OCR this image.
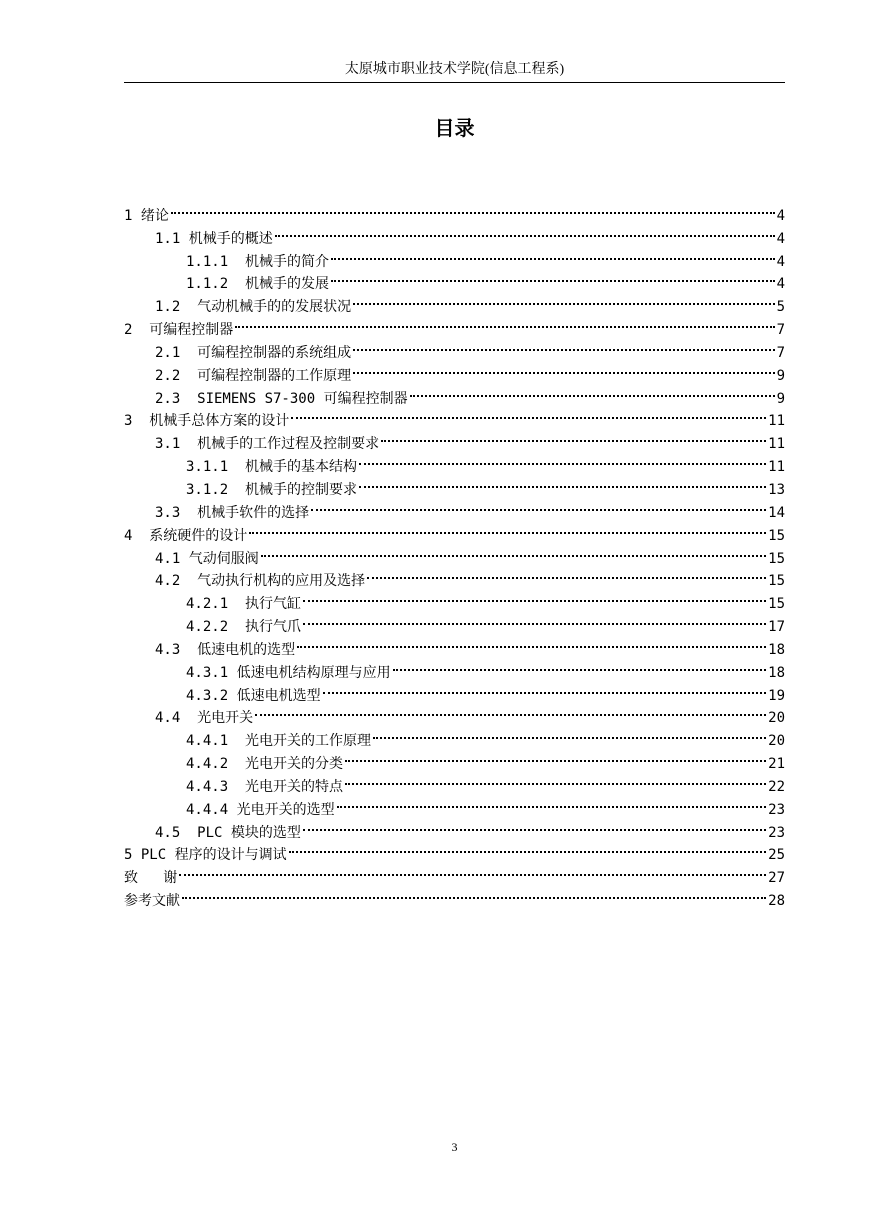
太原城市职业技术学院(信息工程系)
目录
1 绪论	4
1.1 机械手的概述	4
1.1.1  机械手的简介	4
1.1.2  机械手的发展	4
1.2  气动机械手的的发展状况	5
2  可编程控制器	7
2.1  可编程控制器的系统组成	7
2.2  可编程控制器的工作原理	9
2.3  SIEMENS S7-300 可编程控制器	9
3  机械手总体方案的设计	11
3.1  机械手的工作过程及控制要求	11
3.1.1  机械手的基本结构	11
3.1.2  机械手的控制要求	13
3.3  机械手软件的选择	14
4  系统硬件的设计	15
4.1 气动伺服阀	15
4.2  气动执行机构的应用及选择	15
4.2.1  执行气缸	15
4.2.2  执行气爪	17
4.3  低速电机的选型	18
4.3.1 低速电机结构原理与应用	18
4.3.2 低速电机选型	19
4.4  光电开关	20
4.4.1  光电开关的工作原理	20
4.4.2  光电开关的分类	21
4.4.3  光电开关的特点	22
4.4.4 光电开关的选型	23
4.5  PLC 模块的选型	23
5 PLC 程序的设计与调试	25
致   谢	27
参考文献	28
3
